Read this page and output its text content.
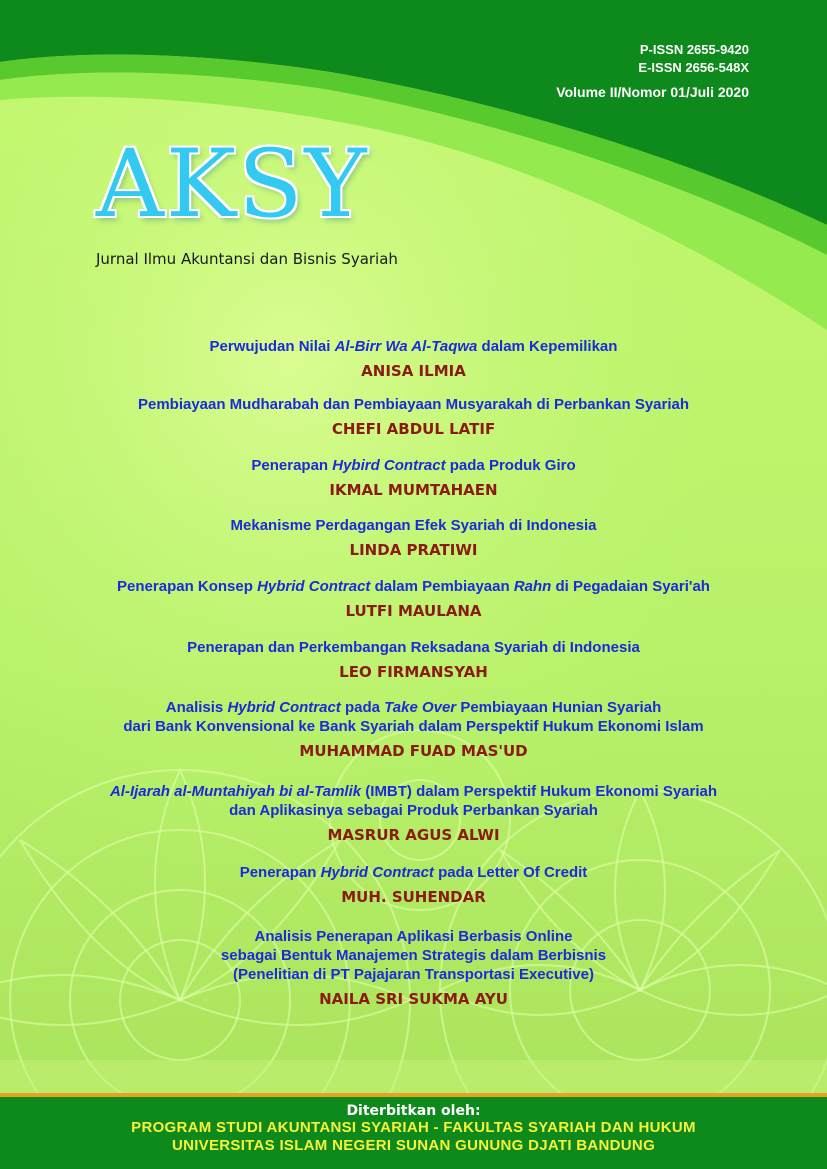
P-ISSN 2655-9420
E-ISSN 2656-548X
Volume II/Nomor 01/Juli 2020
AKSY
Jurnal Ilmu Akuntansi dan Bisnis Syariah
Perwujudan Nilai Al-Birr Wa Al-Taqwa dalam Kepemilikan
ANISA ILMIA
Pembiayaan Mudharabah dan Pembiayaan Musyarakah di Perbankan Syariah
CHEFI ABDUL LATIF
Penerapan Hybird Contract pada Produk Giro
IKMAL MUMTAHAEN
Mekanisme Perdagangan Efek Syariah di Indonesia
LINDA PRATIWI
Penerapan Konsep Hybrid Contract dalam Pembiayaan Rahn di Pegadaian Syari'ah
LUTFI MAULANA
Penerapan dan Perkembangan Reksadana Syariah di Indonesia
LEO FIRMANSYAH
Analisis Hybrid Contract pada Take Over Pembiayaan Hunian Syariah
dari Bank Konvensional ke Bank Syariah dalam Perspektif Hukum Ekonomi Islam
MUHAMMAD FUAD MAS'UD
Al-Ijarah al-Muntahiyah bi al-Tamlik (IMBT) dalam Perspektif Hukum Ekonomi Syariah
dan Aplikasinya sebagai Produk Perbankan Syariah
MASRUR AGUS ALWI
Penerapan Hybrid Contract pada Letter Of Credit
MUH. SUHENDAR
Analisis Penerapan Aplikasi Berbasis Online
sebagai Bentuk Manajemen Strategis dalam Berbisnis
(Penelitian di PT Pajajaran Transportasi Executive)
NAILA SRI SUKMA AYU
Diterbitkan oleh:
PROGRAM STUDI AKUNTANSI SYARIAH - FAKULTAS SYARIAH DAN HUKUM
UNIVERSITAS ISLAM NEGERI SUNAN GUNUNG DJATI BANDUNG
